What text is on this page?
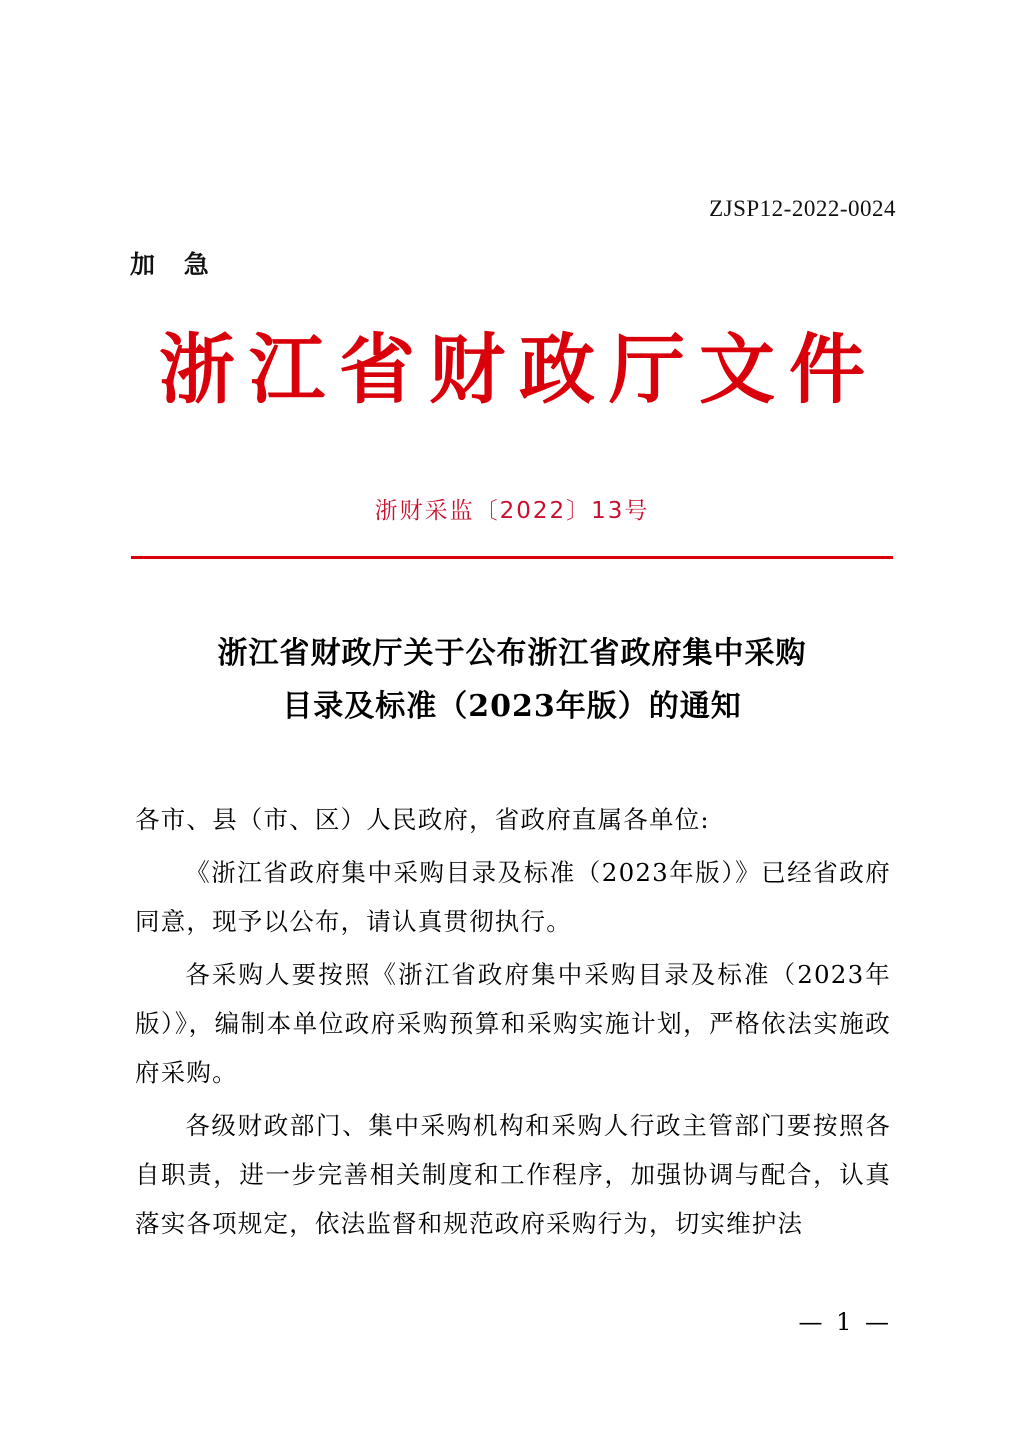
ZJSP12-2022-0024
加 急
浙江省财政厅文件
浙财采监〔2022〕13号
浙江省财政厅关于公布浙江省政府集中采购
目录及标准（2023年版）的通知

各市、县（市、区）人民政府，省政府直属各单位:

《浙江省政府集中采购目录及标准（2023年版）》已经省政府同意，现予以公布，请认真贯彻执行。

各采购人要按照《浙江省政府集中采购目录及标准（2023年版）》，编制本单位政府采购预算和采购实施计划，严格依法实施政府采购。

各级财政部门、集中采购机构和采购人行政主管部门要按照各自职责，进一步完善相关制度和工作程序，加强协调与配合，认真落实各项规定，依法监督和规范政府采购行为，切实维护法

— 1 —
